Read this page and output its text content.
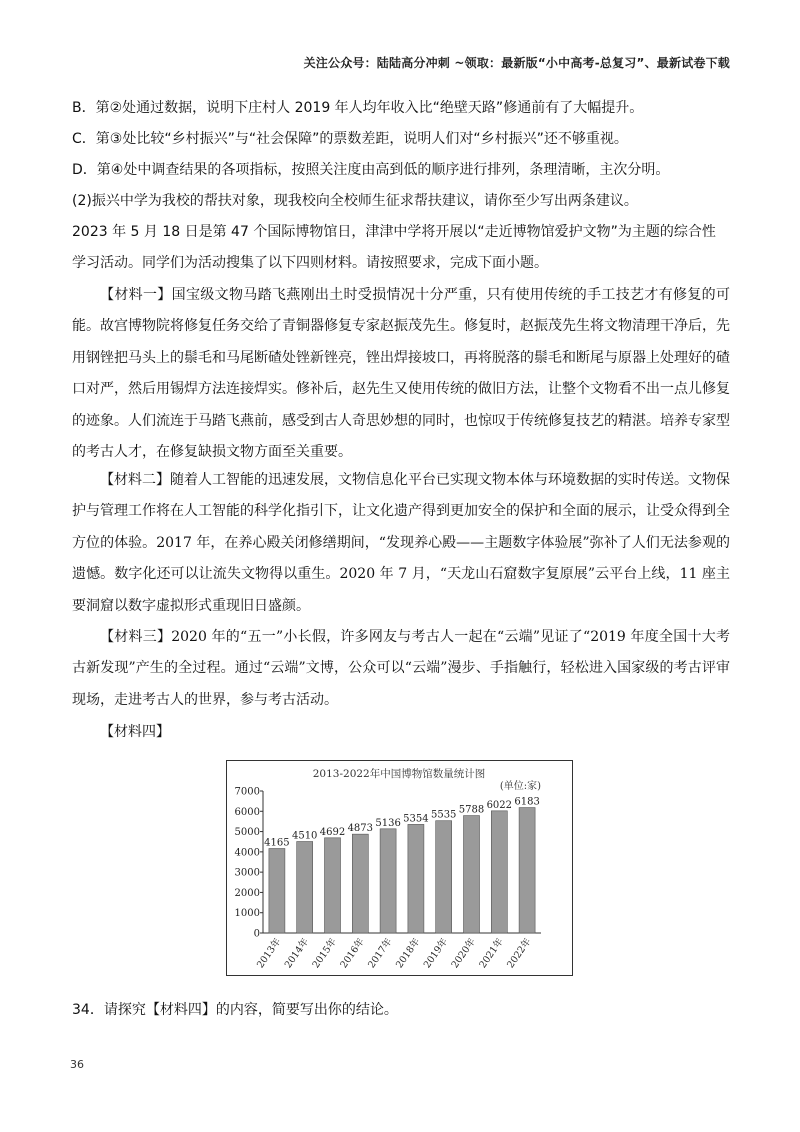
关注公众号：陆陆高分冲刺 ~领取：最新版“小中高考-总复习”、最新试卷下载
B．第②处通过数据，说明下庄村人 2019 年人均年收入比“绝壁天路”修通前有了大幅提升。
C．第③处比较“乡村振兴”与“社会保障”的票数差距，说明人们对“乡村振兴”还不够重视。
D．第④处中调查结果的各项指标，按照关注度由高到低的顺序进行排列，条理清晰，主次分明。
(2)振兴中学为我校的帮扶对象，现我校向全校师生征求帮扶建议，请你至少写出两条建议。
2023 年 5 月 18 日是第 47 个国际博物馆日，津津中学将开展以“走近博物馆爱护文物”为主题的综合性
学习活动。同学们为活动搜集了以下四则材料。请按照要求，完成下面小题。

【材料一】国宝级文物马踏飞燕刚出土时受损情况十分严重，只有使用传统的手工技艺才有修复的可能。故宫博物院将修复任务交给了青铜器修复专家赵振茂先生。修复时，赵振茂先生将文物清理干净后，先用钢锉把马头上的鬃毛和马尾断碴处锉新锉亮，锉出焊接坡口，再将脱落的鬃毛和断尾与原器上处理好的碴口对严，然后用锡焊方法连接焊实。修补后，赵先生又使用传统的做旧方法，让整个文物看不出一点儿修复的迹象。人们流连于马踏飞燕前，感受到古人奇思妙想的同时，也惊叹于传统修复技艺的精湛。培养专家型的考古人才，在修复缺损文物方面至关重要。

【材料二】随着人工智能的迅速发展，文物信息化平台已实现文物本体与环境数据的实时传送。文物保护与管理工作将在人工智能的科学化指引下，让文化遗产得到更加安全的保护和全面的展示，让受众得到全方位的体验。2017 年，在养心殿关闭修缮期间，“发现养心殿——主题数字体验展”弥补了人们无法参观的遗憾。数字化还可以让流失文物得以重生。2020 年 7 月，“天龙山石窟数字复原展”云平台上线，11 座主要洞窟以数字虚拟形式重现旧日盛颜。

【材料三】2020 年的“五一”小长假，许多网友与考古人一起在“云端”见证了“2019 年度全国十大考古新发现”产生的全过程。通过“云端”文博，公众可以“云端”漫步、手指触行，轻松进入国家级的考古评审现场，走进考古人的世界，参与考古活动。

【材料四】

2013-2022年中国博物馆数量统计图
(单位:家)
0
1000
2000
3000
4000
5000
6000
7000
4165
2013年
4510
2014年
4692
2015年
4873
2016年
5136
2017年
5354
2018年
5535
2019年
5788
2020年
6022
2021年
6183
2022年
34．请探究【材料四】的内容，简要写出你的结论。
36
